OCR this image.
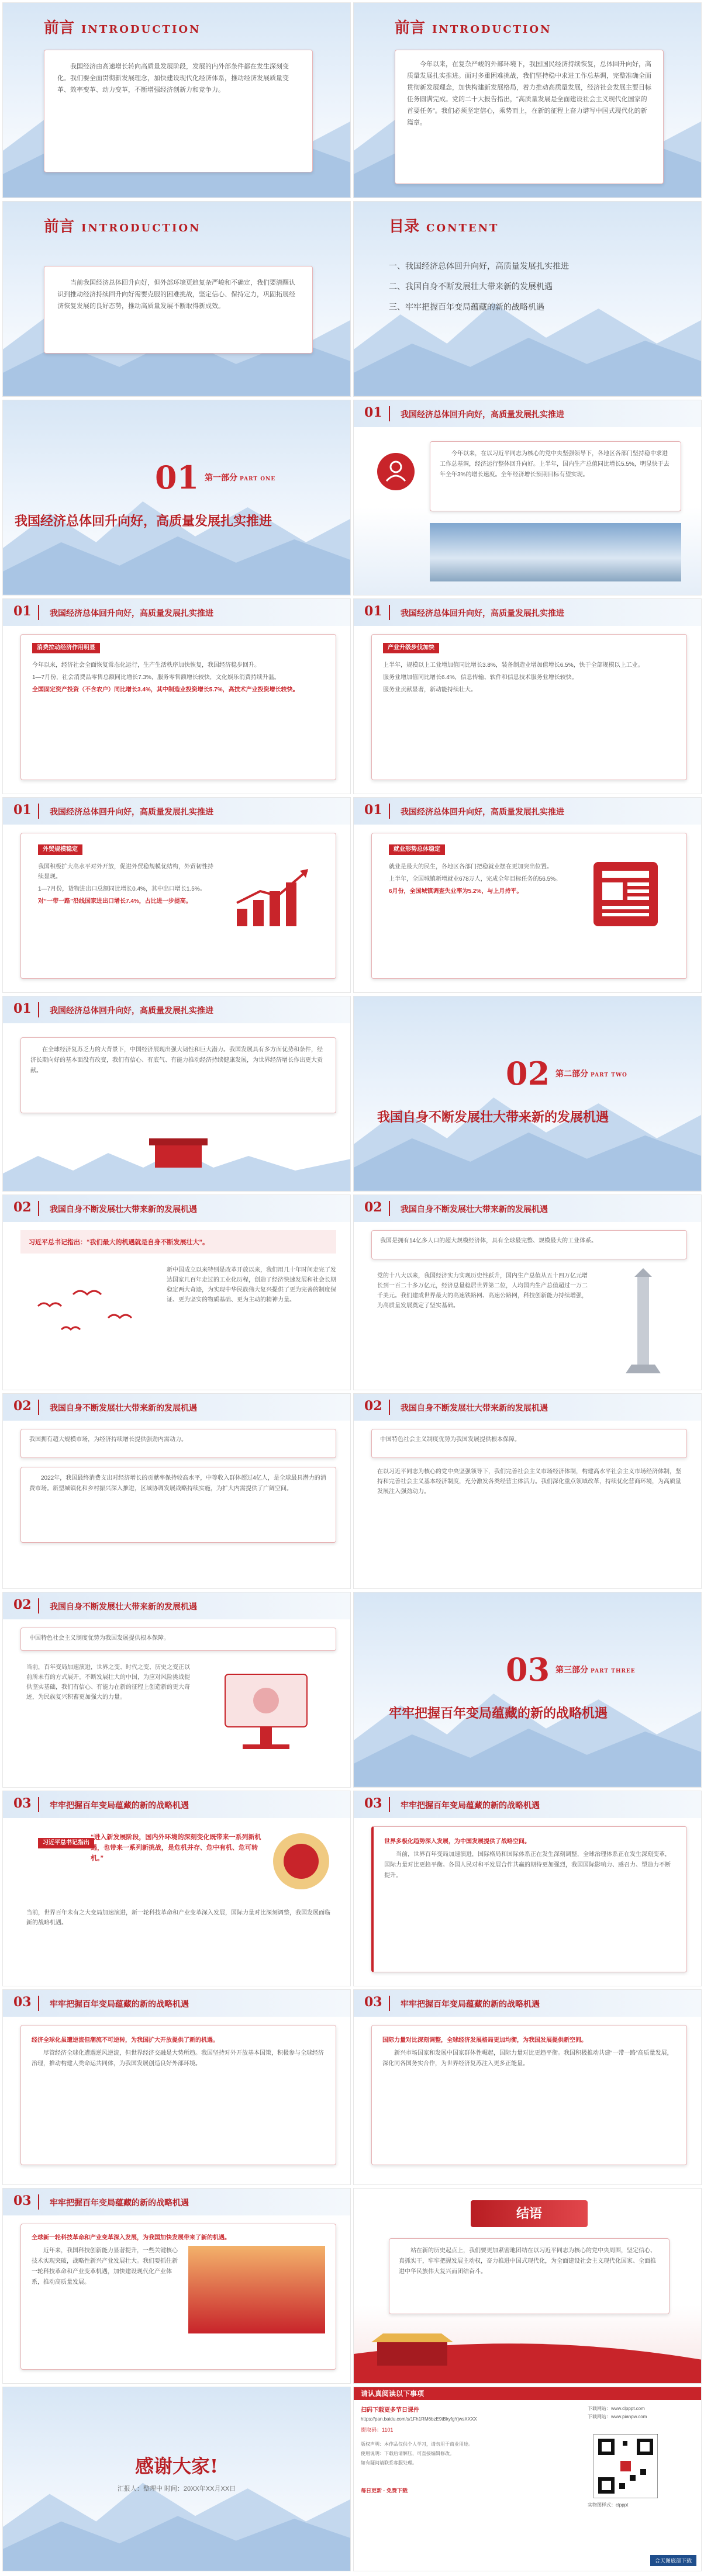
前言 INTRODUCTION

我国经济由高速增长转向高质量发展阶段，发展的内外部条件都在发生深刻变化。我们要全面贯彻新发展理念，加快建设现代化经济体系，推动经济发展质量变革、效率变革、动力变革，不断增强经济创新力和竞争力。

前言 INTRODUCTION

今年以来，在复杂严峻的外部环境下，我国国民经济持续恢复，总体回升向好，高质量发展扎实推进。面对多重困难挑战，我们坚持稳中求进工作总基调，完整准确全面贯彻新发展理念，加快构建新发展格局，着力推动高质量发展，经济社会发展主要目标任务圆满完成。党的二十大报告指出，“高质量发展是全面建设社会主义现代化国家的首要任务”。我们必须坚定信心，乘势而上，在新的征程上奋力谱写中国式现代化的新篇章。

前言 INTRODUCTION

当前我国经济总体回升向好，但外部环境更趋复杂严峻和不确定，我们要清醒认识到推动经济持续回升向好需要克服的困难挑战，坚定信心、保持定力，巩固拓展经济恢复发展的良好态势，推动高质量发展不断取得新成效。

目录 CONTENT
一、我国经济总体回升向好，高质量发展扎实推进
二、我国自身不断发展壮大带来新的发展机遇
三、牢牢把握百年变局蕴藏的新的战略机遇
01 第一部分 PART ONE
我国经济总体回升向好，高质量发展扎实推进
01 我国经济总体回升向好，高质量发展扎实推进

今年以来，在以习近平同志为核心的党中央坚强领导下，各地区各部门坚持稳中求进工作总基调，经济运行整体回升向好。上半年，国内生产总值同比增长5.5%，明显快于去年全年3%的增长速度。全年经济增长预期目标有望实现。

01 我国经济总体回升向好，高质量发展扎实推进
消费拉动经济作用明显

今年以来，经济社会全面恢复常态化运行，生产生活秩序加快恢复，我国经济稳步回升。

1—7月份，社会消费品零售总额同比增长7.3%，服务零售额增长较快，文化娱乐消费持续升温。

全国固定资产投资（不含农户）同比增长3.4%，其中制造业投资增长5.7%，高技术产业投资增长较快。

01 我国经济总体回升向好，高质量发展扎实推进
产业升级步伐加快

上半年，规模以上工业增加值同比增长3.8%，装备制造业增加值增长6.5%，快于全部规模以上工业。

服务业增加值同比增长6.4%，信息传输、软件和信息技术服务业增长较快。

服务业贡献显著，新动能持续壮大。

01 我国经济总体回升向好，高质量发展扎实推进
外贸规模稳定

我国积极扩大高水平对外开放，促进外贸稳规模优结构，外贸韧性持续显现。

1—7月份，货物进出口总额同比增长0.4%，其中出口增长1.5%。

对“一带一路”沿线国家进出口增长7.4%，占比进一步提高。

01 我国经济总体回升向好，高质量发展扎实推进
就业形势总体稳定

就业是最大的民生，各地区各部门把稳就业摆在更加突出位置。

上半年，全国城镇新增就业678万人，完成全年目标任务的56.5%。

6月份，全国城镇调查失业率为5.2%，与上月持平。

01 我国经济总体回升向好，高质量发展扎实推进

在全球经济复苏乏力的大背景下，中国经济展现出强大韧性和巨大潜力。我国发展具有多方面优势和条件，经济长期向好的基本面没有改变，我们有信心、有底气、有能力推动经济持续健康发展，为世界经济增长作出更大贡献。	02 第二部分 PART TWO
我国自身不断发展壮大带来新的发展机遇
02 我国自身不断发展壮大带来新的发展机遇
习近平总书记指出：“我们最大的机遇就是自身不断发展壮大”。
新中国成立以来特别是改革开放以来，我们用几十年时间走完了发达国家几百年走过的工业化历程，创造了经济快速发展和社会长期稳定两大奇迹，为实现中华民族伟大复兴提供了更为完善的制度保证、更为坚实的物质基础、更为主动的精神力量。
02 我国自身不断发展壮大带来新的发展机遇
我国是拥有14亿多人口的超大规模经济体，具有全球最完整、规模最大的工业体系。
党的十八大以来，我国经济实力实现历史性跃升，国内生产总值从五十四万亿元增长到一百二十多万亿元，经济总量稳居世界第二位，人均国内生产总值超过一万二千美元。我们建成世界最大的高速铁路网、高速公路网，科技创新能力持续增强，为高质量发展奠定了坚实基础。
02 我国自身不断发展壮大带来新的发展机遇
我国拥有超大规模市场，为经济持续增长提供强劲内需动力。

2022年，我国最终消费支出对经济增长的贡献率保持较高水平，中等收入群体超过4亿人，是全球最具潜力的消费市场。新型城镇化和乡村振兴深入推进，区域协调发展战略持续实施，为扩大内需提供了广阔空间。

02 我国自身不断发展壮大带来新的发展机遇
中国特色社会主义制度优势为我国发展提供根本保障。
在以习近平同志为核心的党中央坚强领导下，我们完善社会主义市场经济体制，构建高水平社会主义市场经济体制，坚持和完善社会主义基本经济制度，充分激发各类经营主体活力。我们深化重点领域改革，持续优化营商环境，为高质量发展注入强劲动力。
02 我国自身不断发展壮大带来新的发展机遇
中国特色社会主义制度优势为我国发展提供根本保障。
当前，百年变局加速演进，世界之变、时代之变、历史之变正以前所未有的方式展开。不断发展壮大的中国，为应对风险挑战提供坚实基础，我们有信心、有能力在新的征程上创造新的更大奇迹，为民族复兴积蓄更加强大的力量。
03 第三部分 PART THREE
牢牢把握百年变局蕴藏的新的战略机遇
03 牢牢把握百年变局蕴藏的新的战略机遇
习近平总书记指出
“进入新发展阶段，国内外环境的深刻变化既带来一系列新机遇，也带来一系列新挑战，是危机并存、危中有机、危可转机。”
当前，世界百年未有之大变局加速演进，新一轮科技革命和产业变革深入发展，国际力量对比深刻调整，我国发展面临新的战略机遇。
03 牢牢把握百年变局蕴藏的新的战略机遇
世界多极化趋势深入发展，为中国发展提供了战略空间。

当前，世界百年变局加速演进，国际格局和国际体系正在发生深刻调整，全球治理体系正在发生深刻变革，国际力量对比更趋平衡。各国人民对和平发展合作共赢的期待更加强烈，我国国际影响力、感召力、塑造力不断提升。

03 牢牢把握百年变局蕴藏的新的战略机遇
经济全球化虽遭逆流但潮流不可逆转，为我国扩大开放提供了新的机遇。

尽管经济全球化遭遇逆风逆流，但世界经济交融是大势所趋。我国坚持对外开放基本国策，积极参与全球经济治理，推动构建人类命运共同体，为我国发展创造良好外部环境。

03 牢牢把握百年变局蕴藏的新的战略机遇
国际力量对比深刻调整，全球经济发展格局更加均衡，为我国发展提供新空间。

新兴市场国家和发展中国家群体性崛起，国际力量对比更趋平衡。我国积极推动共建“一带一路”高质量发展，深化同各国务实合作，为世界经济复苏注入更多正能量。

03 牢牢把握百年变局蕴藏的新的战略机遇
全球新一轮科技革命和产业变革深入发展，为我国加快发展带来了新的机遇。

近年来，我国科技创新能力显著提升，一些关键核心技术实现突破，战略性新兴产业发展壮大。我们要抓住新一轮科技革命和产业变革机遇，加快建设现代化产业体系，推动高质量发展。

结语

站在新的历史起点上，我们要更加紧密地团结在以习近平同志为核心的党中央周围，坚定信心、真抓实干，牢牢把握发展主动权，奋力推进中国式现代化，为全面建设社会主义现代化国家、全面推进中华民族伟大复兴而团结奋斗。

感谢大家!
汇报人：整理中 时间：20XX年XX月XX日
请认真阅读以下事项
扫码下载更多节日课件
https://pan.baidu.com/s/1Fh1RM6bzE9tBkyfgYjwsXXXX
提取码：1101
下载网站：www.clpppt.com
下载网站：www.pianpw.com
版权声明：本作品仅供个人学习，请勿用于商业用途。
使用说明：下载后请解压，可直接编辑修改。
如有疑问请联系客服处理。
每日更新 · 免费下载
实物图样式：clpppt
合天图底部下载
